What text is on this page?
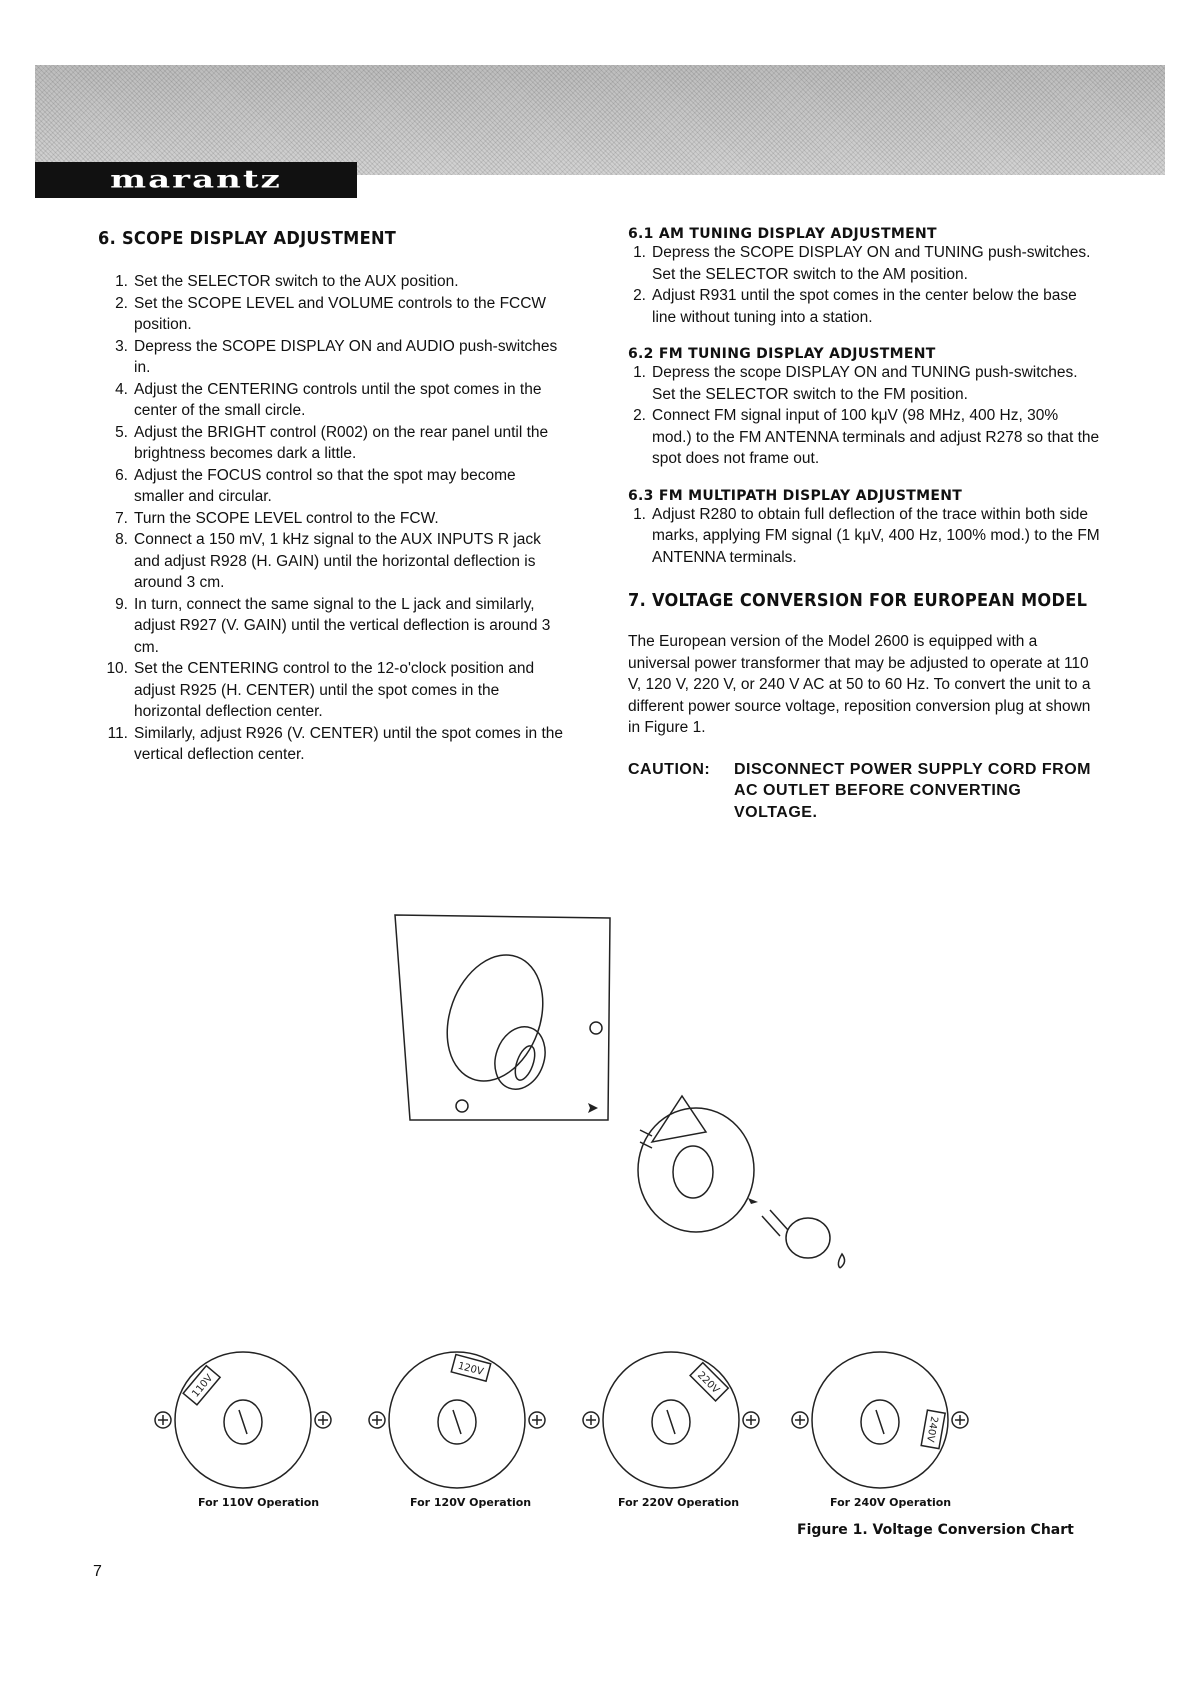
marantz
6. SCOPE DISPLAY ADJUSTMENT
1. Set the SELECTOR switch to the AUX position.
2. Set the SCOPE LEVEL and VOLUME controls to the FCCW position.
3. Depress the SCOPE DISPLAY ON and AUDIO push-switches in.
4. Adjust the CENTERING controls until the spot comes in the center of the small circle.
5. Adjust the BRIGHT control (R002) on the rear panel until the brightness becomes dark a little.
6. Adjust the FOCUS control so that the spot may become smaller and circular.
7. Turn the SCOPE LEVEL control to the FCW.
8. Connect a 150 mV, 1 kHz signal to the AUX INPUTS R jack and adjust R928 (H. GAIN) until the horizontal deflection is around 3 cm.
9. In turn, connect the same signal to the L jack and similarly, adjust R927 (V. GAIN) until the vertical deflection is around 3 cm.
10. Set the CENTERING control to the 12-o'clock position and adjust R925 (H. CENTER) until the spot comes in the horizontal deflection center.
11. Similarly, adjust R926 (V. CENTER) until the spot comes in the vertical deflection center.
6.1 AM TUNING DISPLAY ADJUSTMENT
1. Depress the SCOPE DISPLAY ON and TUNING push-switches. Set the SELECTOR switch to the AM position.
2. Adjust R931 until the spot comes in the center below the base line without tuning into a station.
6.2 FM TUNING DISPLAY ADJUSTMENT
1. Depress the scope DISPLAY ON and TUNING push-switches. Set the SELECTOR switch to the FM position.
2. Connect FM signal input of 100 kμV (98 MHz, 400 Hz, 30% mod.) to the FM ANTENNA terminals and adjust R278 so that the spot does not frame out.
6.3 FM MULTIPATH DISPLAY ADJUSTMENT
1. Adjust R280 to obtain full deflection of the trace within both side marks, applying FM signal (1 kμV, 400 Hz, 100% mod.) to the FM ANTENNA terminals.
7. VOLTAGE CONVERSION FOR EUROPEAN MODEL

The European version of the Model 2600 is equipped with a universal power transformer that may be adjusted to operate at 110 V, 120 V, 220 V, or 240 V AC at 50 to 60 Hz. To convert the unit to a different power source voltage, reposition conversion plug at shown in Figure 1.

CAUTION:	DISCONNECT POWER SUPPLY CORD FROM AC OUTLET BEFORE CONVERTING VOLTAGE.
110V
120V
220V
240V
For 110V Operation	For 120V Operation	For 220V Operation	For 240V Operation
Figure 1. Voltage Conversion Chart
7
